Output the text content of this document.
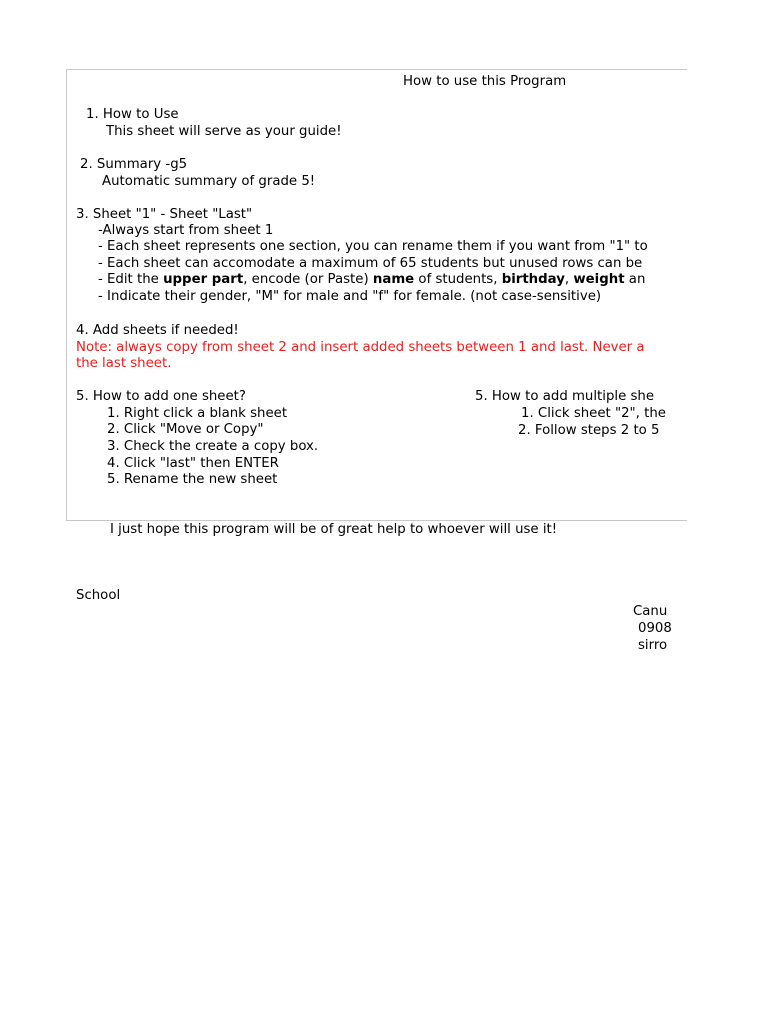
How to use this Program
1. How to Use
This sheet will serve as your guide!
2. Summary -g5
Automatic summary of grade 5!
3. Sheet "1" - Sheet "Last"
-Always start from sheet 1
- Each sheet represents one section, you can rename them if you want from "1" to
- Each sheet can accomodate a maximum of 65 students but unused rows can be
- Edit the upper part, encode (or Paste) name of students, birthday, weight an
- Indicate their gender, "M" for male and "f" for female. (not case-sensitive)
4. Add sheets if needed!
Note: always copy from sheet 2 and insert added sheets between 1 and last. Never a
the last sheet.
5. How to add one sheet?
1. Right click a blank sheet
2. Click "Move or Copy"
3. Check the create a copy box.
4. Click "last" then ENTER
5. Rename the new sheet
5. How to add multiple she
1. Click sheet "2", the
2. Follow steps 2 to 5
I just hope this program will be of great help to whoever will use it!
School
Canu
0908
sirro
